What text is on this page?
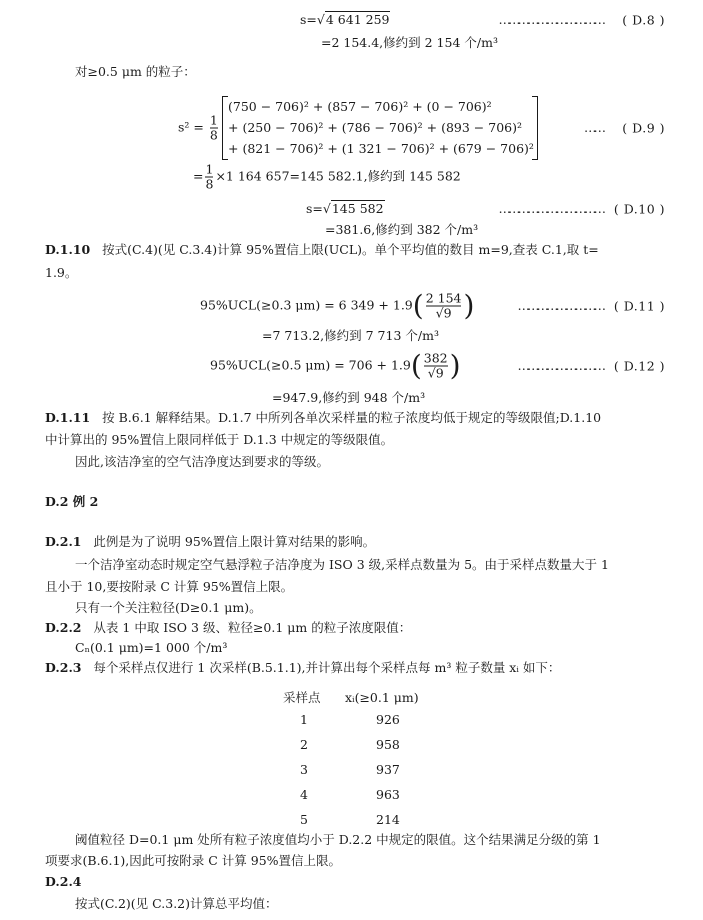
s=√4 641 259	…………………………… ( D.8 )
=2 154.4,修约到 2 154 个/m³
对≥0.5 μm 的粒子：
$s^2 = \frac{1}{8}$
(750 − 706)² + (857 − 706)² + (0 − 706)²
+ (250 − 706)² + (786 − 706)² + (893 − 706)²
+ (821 − 706)² + (1 321 − 706)² + (679 − 706)²
…… ( D.9 )
= $\frac{1}{8} \times 1$ 164 657=145 582.1,修约到 145 582
s=√145 582	…………………………… ( D.10 )
=381.6,修约到 382 个/m³
D.1.10 按式(C.4)(见 C.3.4)计算 95%置信上限(UCL)。单个平均值的数目 m=9,查表 C.1,取 t=
1.9。
95%UCL(≥0.3 μm) = 6 $349 + 1.9( \frac{2 154}{√9}$ )	……………………… ( D.11 )
=7 713.2,修约到 7 713 个/m³
95%UCL(≥0.5 $\mu m) = 706 + 1.9( \frac{382}{√9}$ )	……………………… ( D.12 )
=947.9,修约到 948 个/m³
D.1.11 按 B.6.1 解释结果。D.1.7 中所列各单次采样量的粒子浓度均低于规定的等级限值;D.1.10
中计算出的 95%置信上限同样低于 D.1.3 中规定的等级限值。
因此,该洁净室的空气洁净度达到要求的等级。
D.2 例 2
D.2.1 此例是为了说明 95%置信上限计算对结果的影响。
一个洁净室动态时规定空气悬浮粒子洁净度为 ISO 3 级,采样点数量为 5。由于采样点数量大于 1
且小于 10,要按附录 C 计算 95%置信上限。
只有一个关注粒径(D≥0.1 μm)。
D.2.2 从表 1 中取 ISO 3 级、粒径≥0.1 μm 的粒子浓度限值：
Cₙ(0.1 μm)=1 000 个/m³
D.2.3 每个采样点仅进行 1 次采样(B.5.1.1),并计算出每个采样点每 m³ 粒子数量 xᵢ 如下：
采样点 xᵢ(≥0.1 μm)
1	926
2	958
3	937
4	963
5	214
阈值粒径 D=0.1 μm 处所有粒子浓度值均小于 D.2.2 中规定的限值。这个结果满足分级的第 1
项要求(B.6.1),因此可按附录 C 计算 95%置信上限。
D.2.4
按式(C.2)(见 C.3.2)计算总平均值：
